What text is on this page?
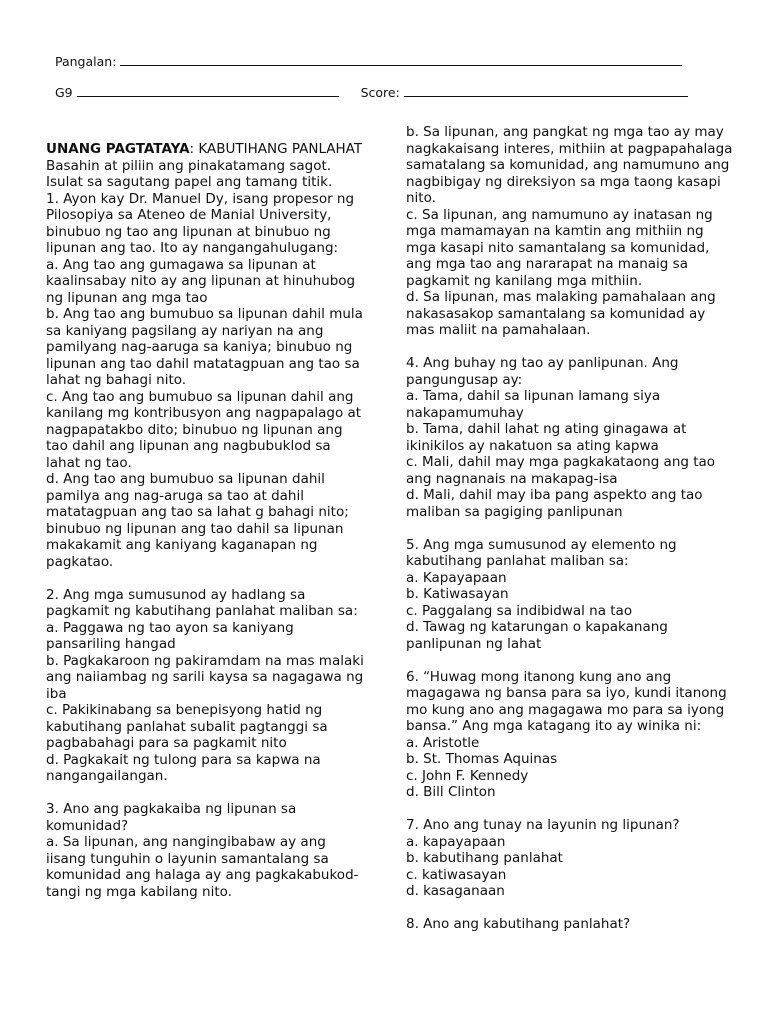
Pangalan:
G9	Score:

UNANG PAGTATAYA: KABUTIHANG PANLAHAT

Basahin at piliin ang pinakatamang sagot. Isulat sa sagutang papel ang tamang titik.

1. Ayon kay Dr. Manuel Dy, isang propesor ng Pilosopiya sa Ateneo de Manial University, binubuo ng tao ang lipunan at binubuo ng lipunan ang tao. Ito ay nangangahulugang:

a. Ang tao ang gumagawa sa lipunan at kaalinsabay nito ay ang lipunan at hinuhubog ng lipunan ang mga tao

b. Ang tao ang bumubuo sa lipunan dahil mula sa kaniyang pagsilang ay nariyan na ang pamilyang nag-aaruga sa kaniya; binubuo ng lipunan ang tao dahil matatagpuan ang tao sa lahat ng bahagi nito.

c. Ang tao ang bumubuo sa lipunan dahil ang kanilang mg kontribusyon ang nagpapalago at nagpapatakbo dito; binubuo ng lipunan ang tao dahil ang lipunan ang nagbubuklod sa lahat ng tao.

d. Ang tao ang bumubuo sa lipunan dahil pamilya ang nag-aruga sa tao at dahil matatagpuan ang tao sa lahat g bahagi nito; binubuo ng lipunan ang tao dahil sa lipunan makakamit ang kaniyang kaganapan ng pagkatao.

2. Ang mga sumusunod ay hadlang sa pagkamit ng kabutihang panlahat maliban sa: a. Paggawa ng tao ayon sa kaniyang pansariling hangad

b. Pagkakaroon ng pakiramdam na mas malaki ang naiiambag ng sarili kaysa sa nagagawa ng iba

c. Pakikinabang sa benepisyong hatid ng kabutihang panlahat subalit pagtanggi sa pagbabahagi para sa pagkamit nito

d. Pagkakait ng tulong para sa kapwa na nangangailangan.

3. Ano ang pagkakaiba ng lipunan sa komunidad?

a. Sa lipunan, ang nangingibabaw ay ang iisang tunguhin o layunin samantalang sa komunidad ang halaga ay ang pagkakabukod-tangi ng mga kabilang nito.

b. Sa lipunan, ang pangkat ng mga tao ay may nagkakaisang interes, mithiin at pagpapahalaga samatalang sa komunidad, ang namumuno ang nagbibigay ng direksiyon sa mga taong kasapi nito.

c. Sa lipunan, ang namumuno ay inatasan ng mga mamamayan na kamtin ang mithiin ng mga kasapi nito samantalang sa komunidad, ang mga tao ang nararapat na manaig sa pagkamit ng kanilang mga mithiin.

d. Sa lipunan, mas malaking pamahalaan ang nakasasakop samantalang sa komunidad ay mas maliit na pamahalaan.

4. Ang buhay ng tao ay panlipunan. Ang pangungusap ay:

a. Tama, dahil sa lipunan lamang siya nakapamumuhay

b. Tama, dahil lahat ng ating ginagawa at ikinikilos ay nakatuon sa ating kapwa

c. Mali, dahil may mga pagkakataong ang tao ang nagnanais na makapag-isa

d. Mali, dahil may iba pang aspekto ang tao maliban sa pagiging panlipunan

5. Ang mga sumusunod ay elemento ng kabutihang panlahat maliban sa:

a. Kapayapaan

b. Katiwasayan

c. Paggalang sa indibidwal na tao

d. Tawag ng katarungan o kapakanang panlipunan ng lahat

6. “Huwag mong itanong kung ano ang magagawa ng bansa para sa iyo, kundi itanong

mo kung ano ang magagawa mo para sa iyong bansa.” Ang mga katagang ito ay winika ni:

a. Aristotle

b. St. Thomas Aquinas

c. John F. Kennedy

d. Bill Clinton

7. Ano ang tunay na layunin ng lipunan?

a. kapayapaan

b. kabutihang panlahat

c. katiwasayan

d. kasaganaan

8. Ano ang kabutihang panlahat?
